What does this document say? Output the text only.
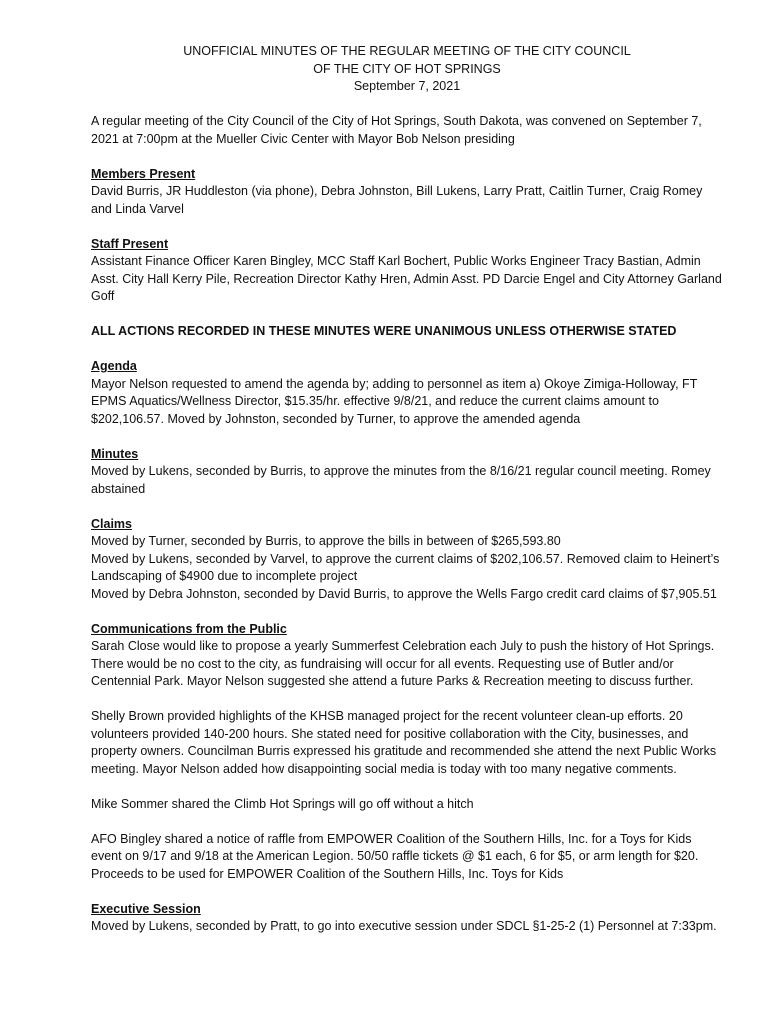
UNOFFICIAL MINUTES OF THE REGULAR MEETING OF THE CITY COUNCIL

OF THE CITY OF HOT SPRINGS

September 7, 2021

A regular meeting of the City Council of the City of Hot Springs, South Dakota, was convened on September 7, 2021 at 7:00pm at the Mueller Civic Center with Mayor Bob Nelson presiding

Members Present

David Burris, JR Huddleston (via phone), Debra Johnston, Bill Lukens, Larry Pratt, Caitlin Turner, Craig Romey and Linda Varvel

Staff Present

Assistant Finance Officer Karen Bingley, MCC Staff Karl Bochert, Public Works Engineer Tracy Bastian, Admin Asst. City Hall Kerry Pile, Recreation Director Kathy Hren, Admin Asst. PD Darcie Engel and City Attorney Garland Goff

ALL ACTIONS RECORDED IN THESE MINUTES WERE UNANIMOUS UNLESS OTHERWISE STATED

Agenda

Mayor Nelson requested to amend the agenda by; adding to personnel as item a) Okoye Zimiga-Holloway, FT EPMS Aquatics/Wellness Director, $15.35/hr. effective 9/8/21, and reduce the current claims amount to $202,106.57. Moved by Johnston, seconded by Turner, to approve the amended agenda

Minutes

Moved by Lukens, seconded by Burris, to approve the minutes from the 8/16/21 regular council meeting. Romey abstained

Claims

Moved by Turner, seconded by Burris, to approve the bills in between of $265,593.80

Moved by Lukens, seconded by Varvel, to approve the current claims of $202,106.57. Removed claim to Heinert’s Landscaping of $4900 due to incomplete project

Moved by Debra Johnston, seconded by David Burris, to approve the Wells Fargo credit card claims of $7,905.51

Communications from the Public

Sarah Close would like to propose a yearly Summerfest Celebration each July to push the history of Hot Springs. There would be no cost to the city, as fundraising will occur for all events. Requesting use of Butler and/or Centennial Park. Mayor Nelson suggested she attend a future Parks & Recreation meeting to discuss further.

Shelly Brown provided highlights of the KHSB managed project for the recent volunteer clean-up efforts. 20 volunteers provided 140-200 hours. She stated need for positive collaboration with the City, businesses, and property owners. Councilman Burris expressed his gratitude and recommended she attend the next Public Works meeting. Mayor Nelson added how disappointing social media is today with too many negative comments.

Mike Sommer shared the Climb Hot Springs will go off without a hitch

AFO Bingley shared a notice of raffle from EMPOWER Coalition of the Southern Hills, Inc. for a Toys for Kids event on 9/17 and 9/18 at the American Legion. 50/50 raffle tickets @ $1 each, 6 for $5, or arm length for $20. Proceeds to be used for EMPOWER Coalition of the Southern Hills, Inc. Toys for Kids

Executive Session

Moved by Lukens, seconded by Pratt, to go into executive session under SDCL §1-25-2 (1) Personnel at 7:33pm.
